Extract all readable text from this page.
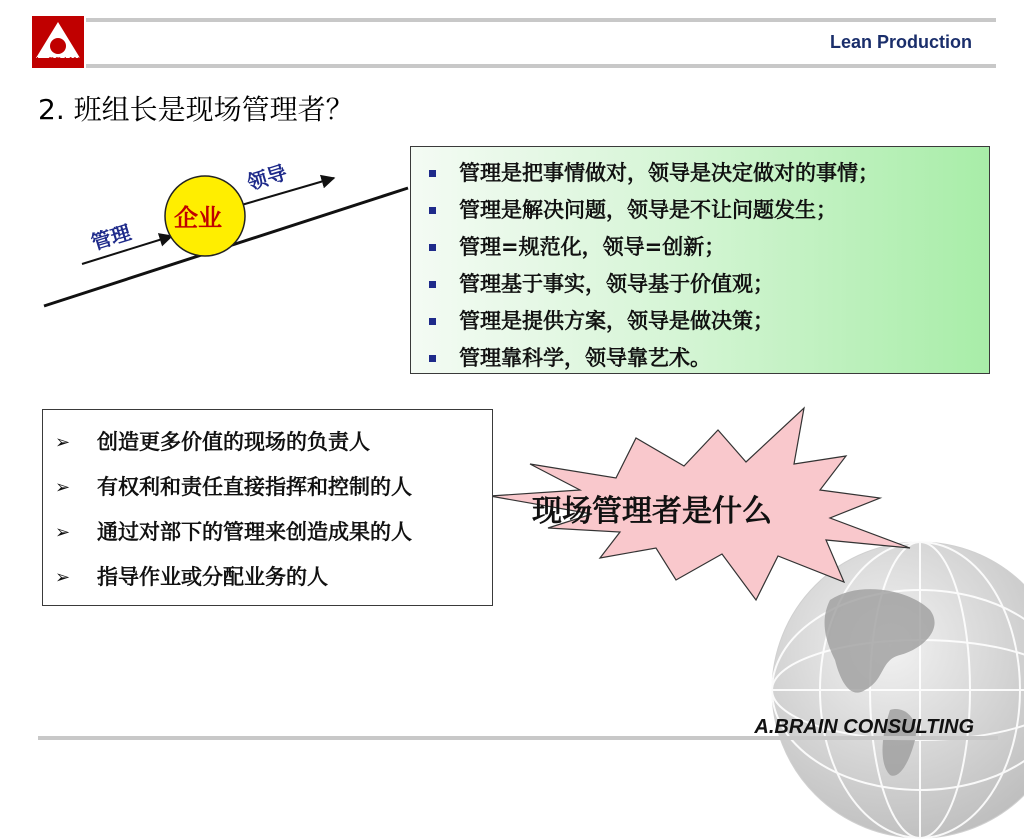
A. BRAIN
Lean Production
2. 班组长是现场管理者？
企业
管理
领导	管理是把事情做对，领导是决定做对的事情；
管理是解决问题，领导是不让问题发生；
管理=规范化，领导=创新；
管理基于事实，领导基于价值观；
管理是提供方案，领导是做决策；
管理靠科学，领导靠艺术。
➢ 创造更多价值的现场的负责人
➢ 有权利和责任直接指挥和控制的人
➢ 通过对部下的管理来创造成果的人
➢ 指导作业或分配业务的人
现场管理者是什么
A.BRAIN CONSULTING
